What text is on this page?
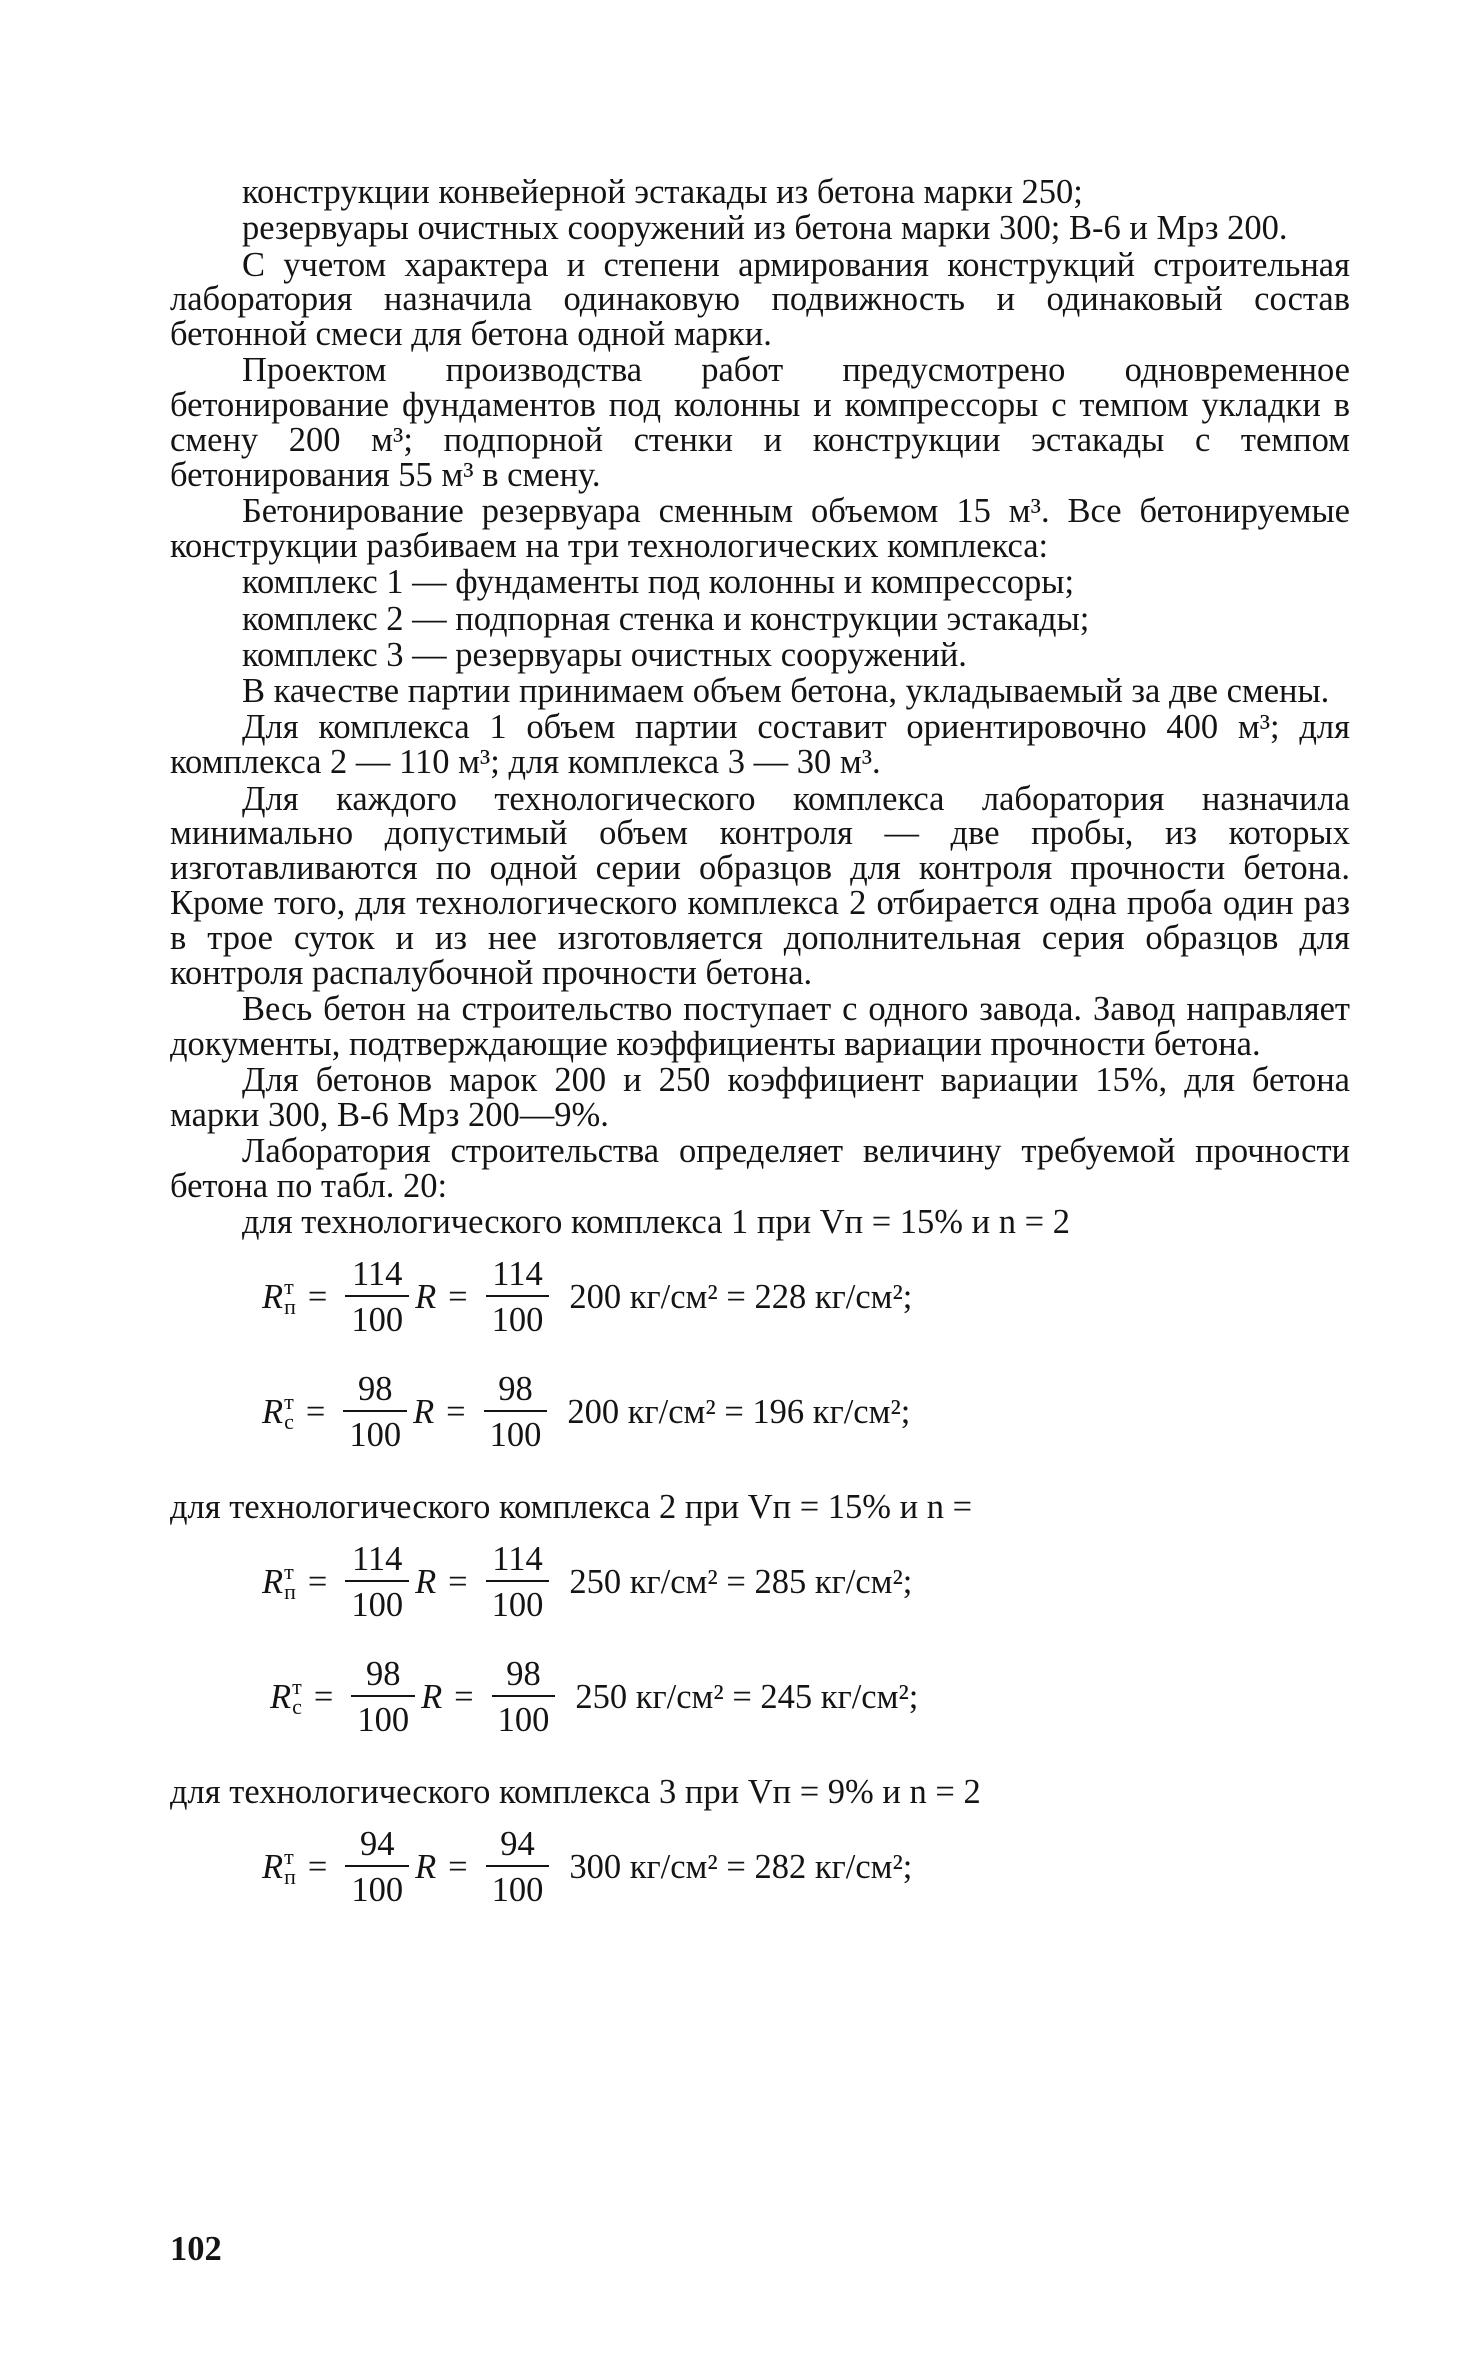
конструкции конвейерной эстакады из бетона марки 250;

резервуары очистных сооружений из бетона марки 300; В-6 и Мрз 200.

С учетом характера и степени армирования конструкций строительная лаборатория назначила одинаковую подвижность и одинаковый состав бетонной смеси для бетона одной марки.

Проектом производства работ предусмотрено одновременное бетонирование фундаментов под колонны и компрессоры с темпом укладки в смену 200 м³; подпорной стенки и конструкции эстакады с темпом бетонирования 55 м³ в смену.

Бетонирование резервуара сменным объемом 15 м³. Все бетонируемые конструкции разбиваем на три технологических комплекса:

комплекс 1 — фундаменты под колонны и компрессоры;

комплекс 2 — подпорная стенка и конструкции эстакады;

комплекс 3 — резервуары очистных сооружений.

В качестве партии принимаем объем бетона, укладываемый за две смены.

Для комплекса 1 объем партии составит ориентировочно 400 м³; для комплекса 2 — 110 м³; для комплекса 3 — 30 м³.

Для каждого технологического комплекса лаборатория назначила минимально допустимый объем контроля — две пробы, из которых изготавливаются по одной серии образцов для контроля прочности бетона. Кроме того, для технологического комплекса 2 отбирается одна проба один раз в трое суток и из нее изготовляется дополнительная серия образцов для контроля распалубочной прочности бетона.

Весь бетон на строительство поступает с одного завода. Завод направляет документы, подтверждающие коэффициенты вариации прочности бетона.

Для бетонов марок 200 и 250 коэффициент вариации 15%, для бетона марки 300, В-6 Мрз 200—9%.

Лаборатория строительства определяет величину требуемой прочности бетона по табл. 20:

для технологического комплекса 1 при Vп = 15% и n = 2
R т
$п = \frac{114}{100}$ $R = \frac{114}{100} 200$ кг/см² = 228 кг/см²;
R т
$с = \frac{98}{100}$ $R = \frac{98}{100} 200$ кг/см² = 196 кг/см²;
для технологического комплекса 2 при Vп = 15% и n =
R т
$п = \frac{114}{100}$ $R = \frac{114}{100} 250$ кг/см² = 285 кг/см²;
R т
$с = \frac{98}{100}$ $R = \frac{98}{100} 250$ кг/см² = 245 кг/см²;
для технологического комплекса 3 при Vп = 9% и n = 2
R т
$п = \frac{94}{100}$ $R = \frac{94}{100} 300$ кг/см² = 282 кг/см²;
102
